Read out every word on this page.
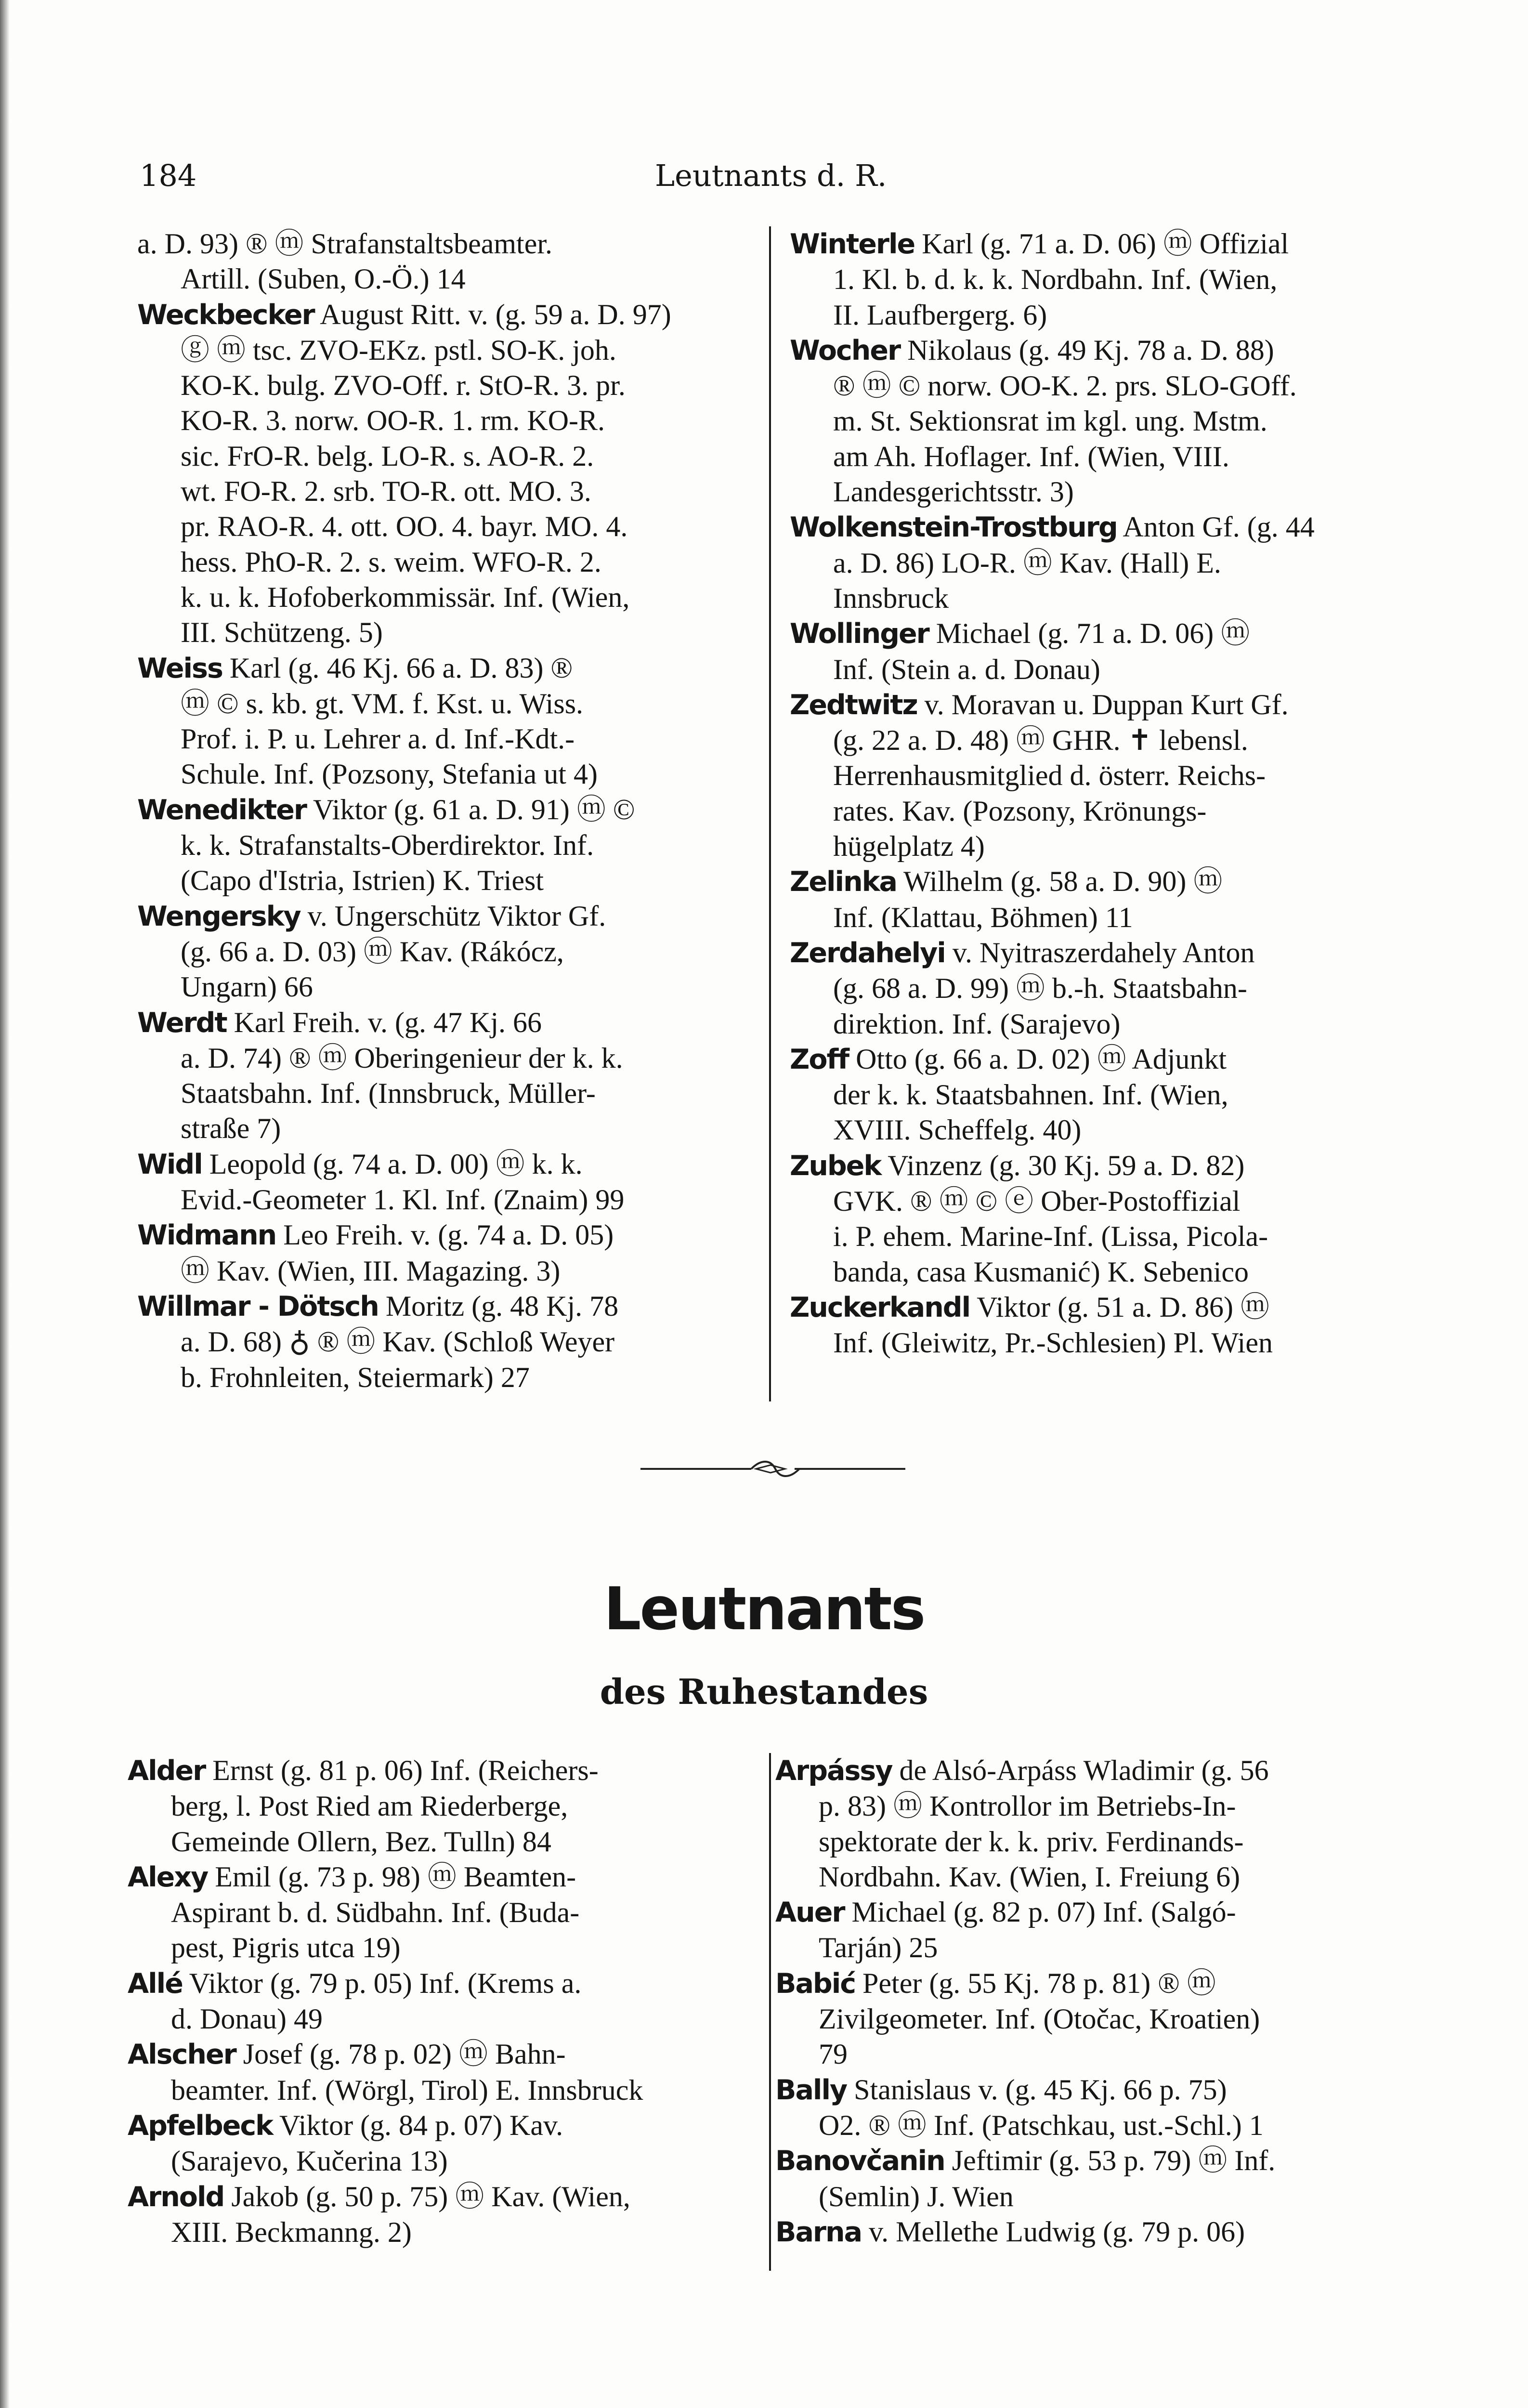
184	Leutnants d. R.
a. D. 93) ® ⓜ Strafanstaltsbeamter.
Artill. (Suben, O.-Ö.) 14
Weckbecker August Ritt. v. (g. 59 a. D. 97)
ⓖ ⓜ tsc. ZVO-EKz. pstl. SO-K. joh.
KO-K. bulg. ZVO-Off. r. StO-R. 3. pr.
KO-R. 3. norw. OO-R. 1. rm. KO-R.
sic. FrO-R. belg. LO-R. s. AO-R. 2.
wt. FO-R. 2. srb. TO-R. ott. MO. 3.
pr. RAO-R. 4. ott. OO. 4. bayr. MO. 4.
hess. PhO-R. 2. s. weim. WFO-R. 2.
k. u. k. Hofoberkommissär. Inf. (Wien,
III. Schützeng. 5)
Weiss Karl (g. 46 Kj. 66 a. D. 83) ®
ⓜ © s. kb. gt. VM. f. Kst. u. Wiss.
Prof. i. P. u. Lehrer a. d. Inf.-Kdt.-
Schule. Inf. (Pozsony, Stefania ut 4)
Wenedikter Viktor (g. 61 a. D. 91) ⓜ ©
k. k. Strafanstalts-Oberdirektor. Inf.
(Capo d'Istria, Istrien) K. Triest
Wengersky v. Ungerschütz Viktor Gf.
(g. 66 a. D. 03) ⓜ Kav. (Rákócz,
Ungarn) 66
Werdt Karl Freih. v. (g. 47 Kj. 66
a. D. 74) ® ⓜ Oberingenieur der k. k.
Staatsbahn. Inf. (Innsbruck, Müller-
straße 7)
Widl Leopold (g. 74 a. D. 00) ⓜ k. k.
Evid.-Geometer 1. Kl. Inf. (Znaim) 99
Widmann Leo Freih. v. (g. 74 a. D. 05)
ⓜ Kav. (Wien, III. Magazing. 3)
Willmar - Dötsch Moritz (g. 48 Kj. 78
a. D. 68) ♁ ® ⓜ Kav. (Schloß Weyer
b. Frohnleiten, Steiermark) 27
Winterle Karl (g. 71 a. D. 06) ⓜ Offizial
1. Kl. b. d. k. k. Nordbahn. Inf. (Wien,
II. Laufbergerg. 6)
Wocher Nikolaus (g. 49 Kj. 78 a. D. 88)
® ⓜ © norw. OO-K. 2. prs. SLO-GOff.
m. St. Sektionsrat im kgl. ung. Mstm.
am Ah. Hoflager. Inf. (Wien, VIII.
Landesgerichtsstr. 3)
Wolkenstein-Trostburg Anton Gf. (g. 44
a. D. 86) LO-R. ⓜ Kav. (Hall) E.
Innsbruck
Wollinger Michael (g. 71 a. D. 06) ⓜ
Inf. (Stein a. d. Donau)
Zedtwitz v. Moravan u. Duppan Kurt Gf.
(g. 22 a. D. 48) ⓜ GHR. ✝ lebensl.
Herrenhausmitglied d. österr. Reichs-
rates. Kav. (Pozsony, Krönungs-
hügelplatz 4)
Zelinka Wilhelm (g. 58 a. D. 90) ⓜ
Inf. (Klattau, Böhmen) 11
Zerdahelyi v. Nyitraszerdahely Anton
(g. 68 a. D. 99) ⓜ b.-h. Staatsbahn-
direktion. Inf. (Sarajevo)
Zoff Otto (g. 66 a. D. 02) ⓜ Adjunkt
der k. k. Staatsbahnen. Inf. (Wien,
XVIII. Scheffelg. 40)
Zubek Vinzenz (g. 30 Kj. 59 a. D. 82)
GVK. ® ⓜ © ⓔ Ober-Postoffizial
i. P. ehem. Marine-Inf. (Lissa, Picola-
banda, casa Kusmanić) K. Sebenico
Zuckerkandl Viktor (g. 51 a. D. 86) ⓜ
Inf. (Gleiwitz, Pr.-Schlesien) Pl. Wien
Leutnants
des Ruhestandes
Alder Ernst (g. 81 p. 06) Inf. (Reichers-
berg, l. Post Ried am Riederberge,
Gemeinde Ollern, Bez. Tulln) 84
Alexy Emil (g. 73 p. 98) ⓜ Beamten-
Aspirant b. d. Südbahn. Inf. (Buda-
pest, Pigris utca 19)
Allé Viktor (g. 79 p. 05) Inf. (Krems a.
d. Donau) 49
Alscher Josef (g. 78 p. 02) ⓜ Bahn-
beamter. Inf. (Wörgl, Tirol) E. Innsbruck
Apfelbeck Viktor (g. 84 p. 07) Kav.
(Sarajevo, Kučerina 13)
Arnold Jakob (g. 50 p. 75) ⓜ Kav. (Wien,
XIII. Beckmanng. 2)
Arpássy de Alsó-Arpáss Wladimir (g. 56
p. 83) ⓜ Kontrollor im Betriebs-In-
spektorate der k. k. priv. Ferdinands-
Nordbahn. Kav. (Wien, I. Freiung 6)
Auer Michael (g. 82 p. 07) Inf. (Salgó-
Tarján) 25
Babić Peter (g. 55 Kj. 78 p. 81) ® ⓜ
Zivilgeometer. Inf. (Otočac, Kroatien)
79
Bally Stanislaus v. (g. 45 Kj. 66 p. 75)
O2. ® ⓜ Inf. (Patschkau, ust.-Schl.) 1
Banovčanin Jeftimir (g. 53 p. 79) ⓜ Inf.
(Semlin) J. Wien
Barna v. Mellethe Ludwig (g. 79 p. 06)
